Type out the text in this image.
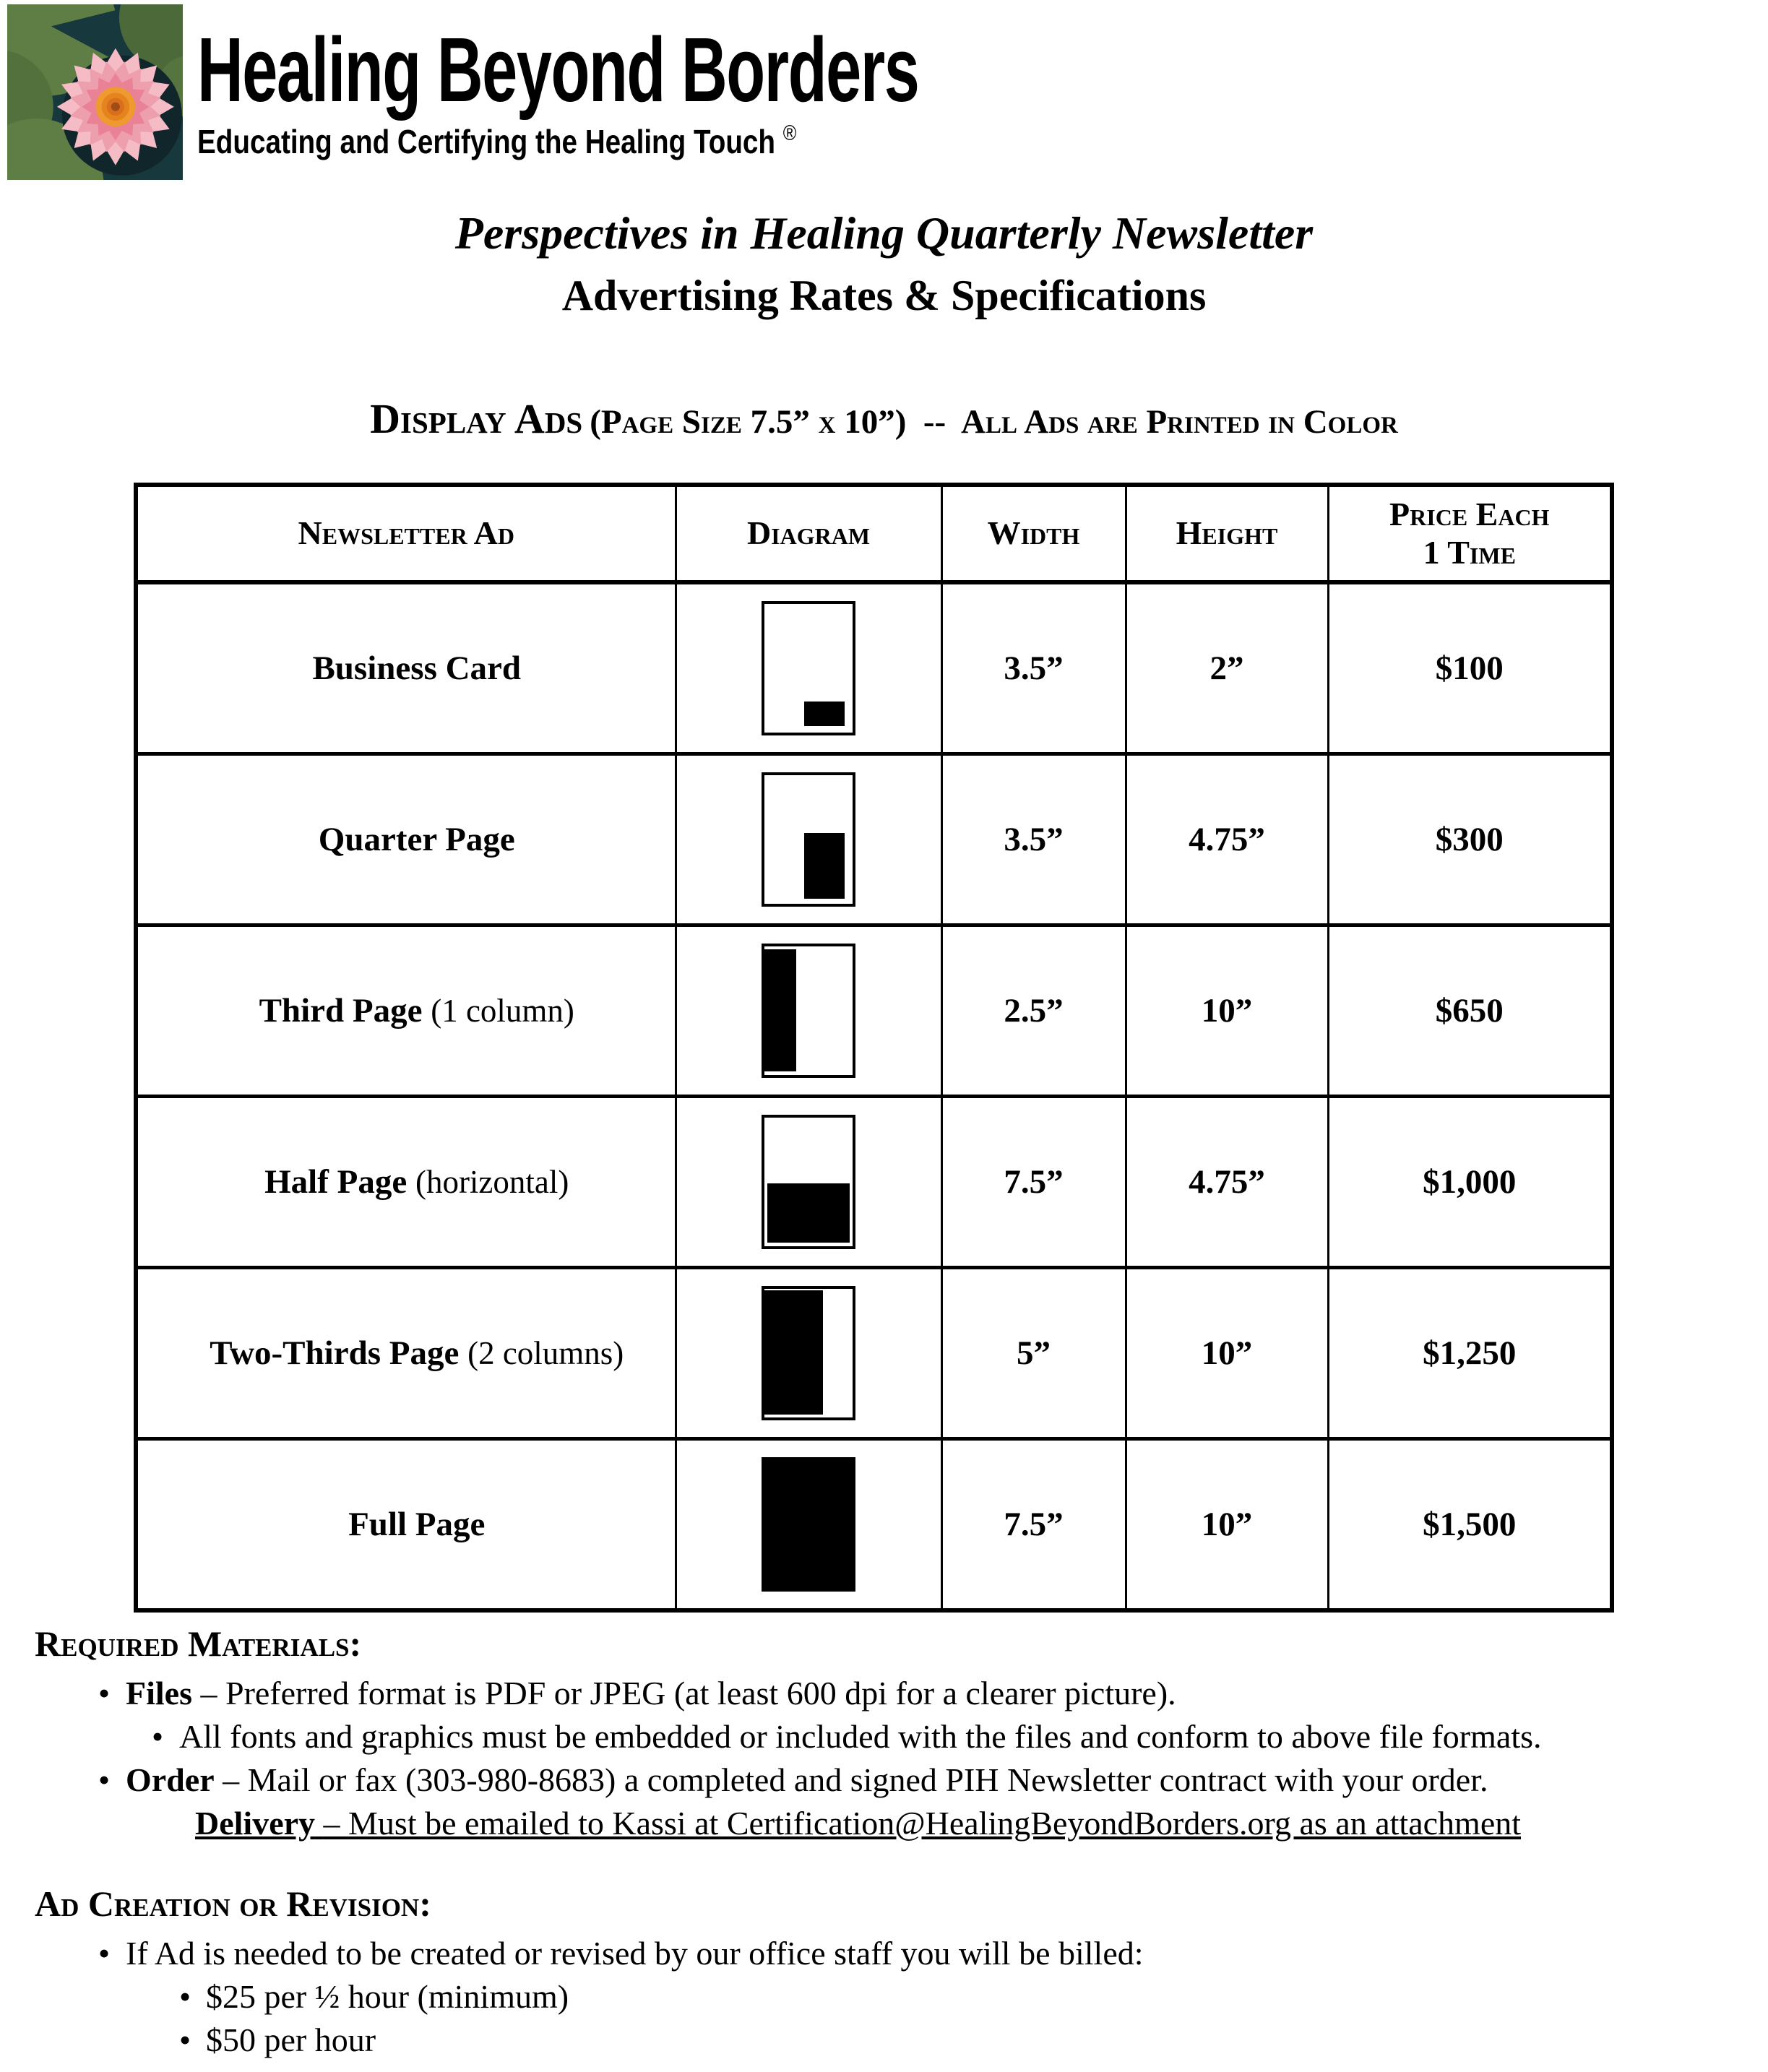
Healing Beyond Borders
Educating and Certifying the Healing Touch ®
Perspectives in Healing Quarterly Newsletter
Advertising Rates & Specifications
Display Ads (Page Size 7.5” x 10”)  --  All Ads are Printed in Color
Newsletter Ad	Diagram	Width	Height	Price Each
1 Time

Business Card		3.5”	2”	$100
Quarter Page		3.5”	4.75”	$300
Third Page (1 column)		2.5”	10”	$650
Half Page (horizontal)		7.5”	4.75”	$1,000
Two-Thirds Page (2 columns)		5”	10”	$1,250
Full Page		7.5”	10”	$1,500
Required Materials:
• Files – Preferred format is PDF or JPEG (at least 600 dpi for a clearer picture).
• All fonts and graphics must be embedded or included with the files and conform to above file formats.
• Order – Mail or fax (303-980-8683) a completed and signed PIH Newsletter contract with your order.
Delivery – Must be emailed to Kassi at Certification@HealingBeyondBorders.org as an attachment
Ad Creation or Revision:
• If Ad is needed to be created or revised by our office staff you will be billed:
• $25 per ½ hour (minimum)
• $50 per hour
